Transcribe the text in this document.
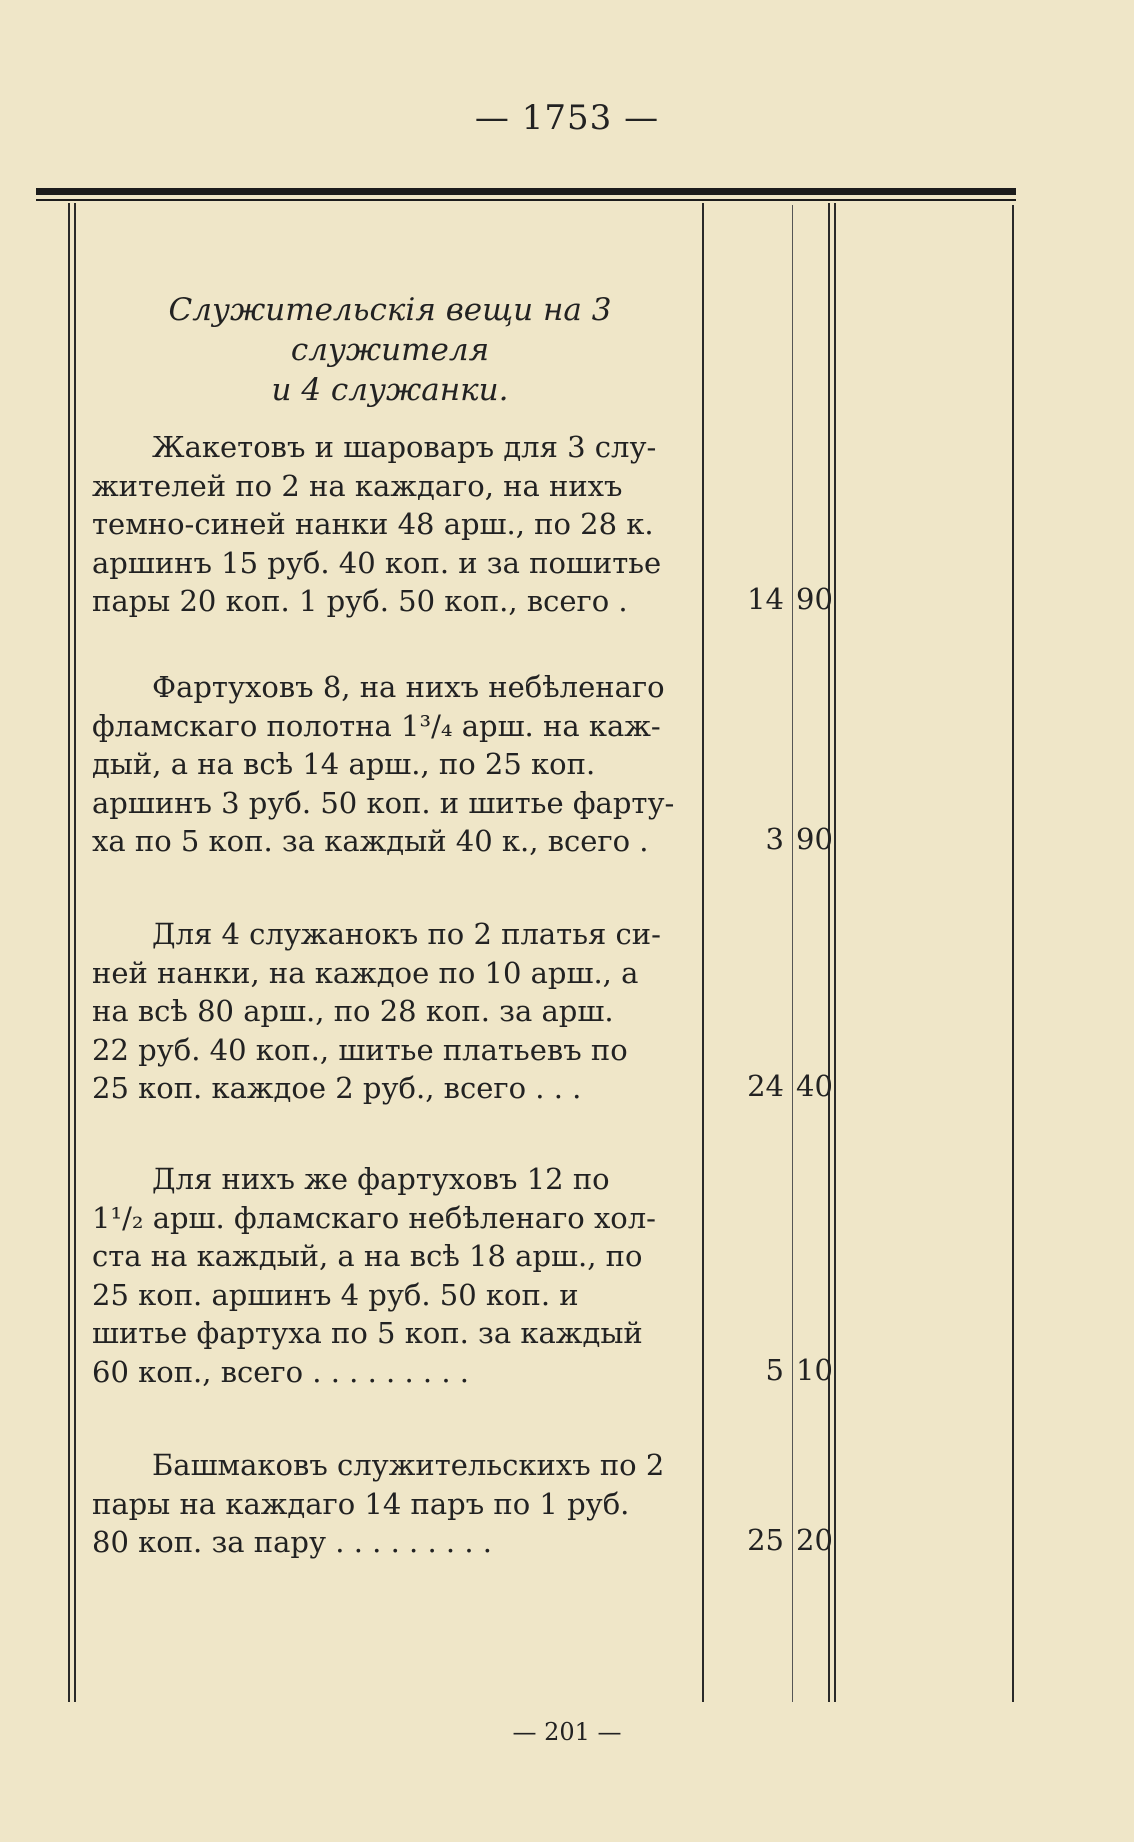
— 1753 —
Служительскія вещи на 3 служителя
и 4 служанки.
Жакетовъ и шароваръ для 3 слу-
жителей по 2 на каждаго, на нихъ
темно-синей нанки 48 арш., по 28 к.
аршинъ 15 руб. 40 коп. и за пошитье
пары 20 коп. 1 руб. 50 коп., всего .	14 90
Фартуховъ 8, на нихъ небѣленаго
фламскаго полотна 1³/₄ арш. на каж-
дый, а на всѣ 14 арш., по 25 коп.
аршинъ 3 руб. 50 коп. и шитье фарту-
ха по 5 коп. за каждый 40 к., всего .	3 90
Для 4 служанокъ по 2 платья си-
ней нанки, на каждое по 10 арш., а
на всѣ 80 арш., по 28 коп. за арш.
22 руб. 40 коп., шитье платьевъ по
25 коп. каждое 2 руб., всего . . .	24 40
Для нихъ же фартуховъ 12 по
1¹/₂ арш. фламскаго небѣленаго хол-
ста на каждый, а на всѣ 18 арш., по
25 коп. аршинъ 4 руб. 50 коп. и
шитье фартуха по 5 коп. за каждый
60 коп., всего . . . . . . . . .	5 10
Башмаковъ служительскихъ по 2
пары на каждаго 14 паръ по 1 руб.
80 коп. за пару . . . . . . . . .	25 20
— 201 —
